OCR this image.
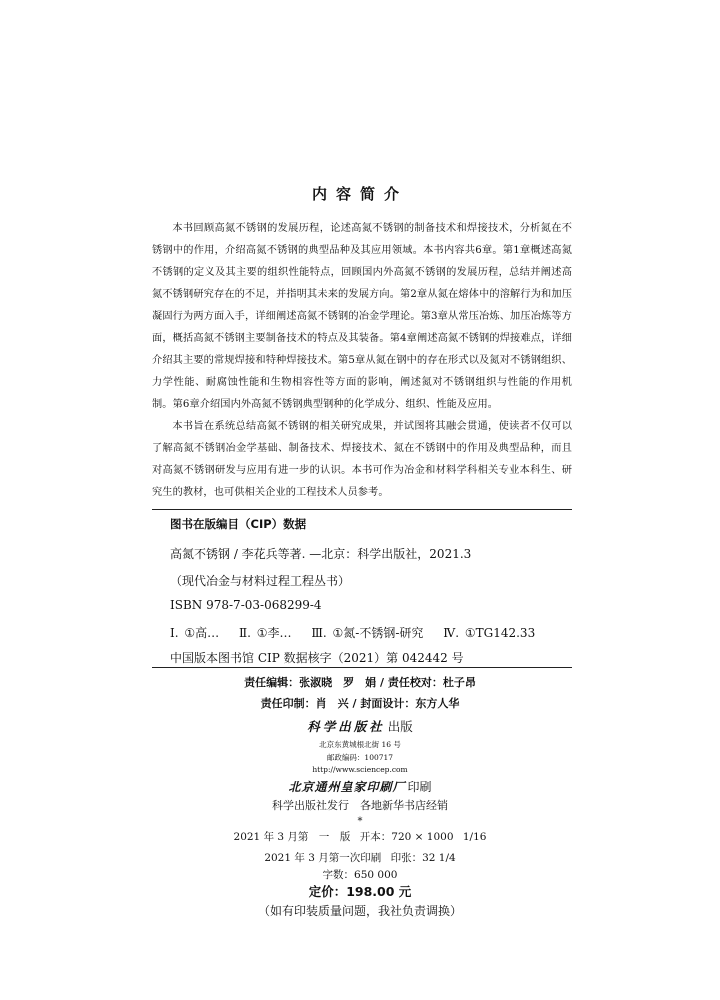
内容简介

本书回顾高氮不锈钢的发展历程，论述高氮不锈钢的制备技术和焊接技术，分析氮在不锈钢中的作用，介绍高氮不锈钢的典型品种及其应用领域。本书内容共6章。第1章概述高氮不锈钢的定义及其主要的组织性能特点，回顾国内外高氮不锈钢的发展历程，总结并阐述高氮不锈钢研究存在的不足，并指明其未来的发展方向。第2章从氮在熔体中的溶解行为和加压凝固行为两方面入手，详细阐述高氮不锈钢的冶金学理论。第3章从常压冶炼、加压冶炼等方面，概括高氮不锈钢主要制备技术的特点及其装备。第4章阐述高氮不锈钢的焊接难点，详细介绍其主要的常规焊接和特种焊接技术。第5章从氮在钢中的存在形式以及氮对不锈钢组织、力学性能、耐腐蚀性能和生物相容性等方面的影响，阐述氮对不锈钢组织与性能的作用机制。第6章介绍国内外高氮不锈钢典型钢种的化学成分、组织、性能及应用。

本书旨在系统总结高氮不锈钢的相关研究成果，并试图将其融会贯通，使读者不仅可以了解高氮不锈钢冶金学基础、制备技术、焊接技术、氮在不锈钢中的作用及典型品种，而且对高氮不锈钢研发与应用有进一步的认识。本书可作为冶金和材料学科相关专业本科生、研究生的教材，也可供相关企业的工程技术人员参考。

图书在版编目（CIP）数据
高氮不锈钢 / 李花兵等著. —北京：科学出版社，2021.3
（现代冶金与材料过程工程丛书）
ISBN 978-7-03-068299-4
Ⅰ. ①高… Ⅱ. ①李… Ⅲ. ①氮-不锈钢-研究 Ⅳ. ①TG142.33
中国版本图书馆 CIP 数据核字（2021）第 042442 号
责任编辑：张淑晓　罗　娟 / 责任校对：杜子昂
责任印制：肖　兴 / 封面设计：东方人华
科学出版社 出版
北京东黄城根北街 16 号
邮政编码：100717
http://www.sciencep.com
北京通州皇家印刷厂 印刷
科学出版社发行　各地新华书店经销
*
2021 年 3 月第　一　版 开本：720 × 1000 1/16
2021 年 3 月第一次印刷 印张：32 1/4
字数：650 000
定价：198.00 元
（如有印装质量问题，我社负责调换）
